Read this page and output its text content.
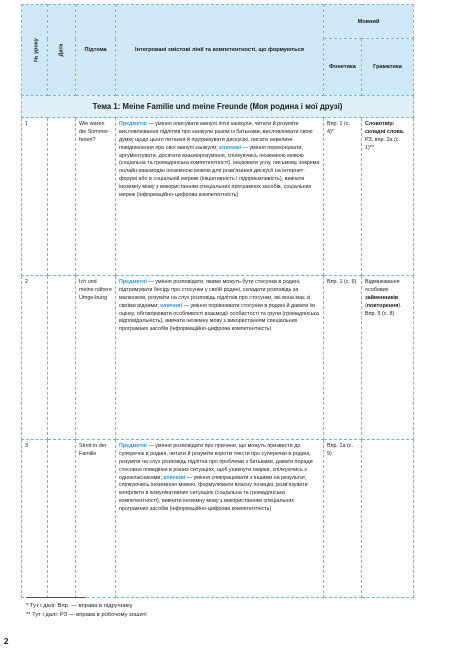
№ уроку	Дата	Підтема	Інтегровані змістові лінії та компетентності, що формуються	Мовний	
				Фонетика	Граматика
Тема 1: Meine Familie und meine Freunde (Моя родина і мої друзі)					
1		Wie waren die Sommer-ferien?	Предметні — уміння описувати минулі літні канікули, читати й розуміти висловлювання підлітків про канікули разом із батьками, висловлювати свою думку щодо цього питання й підтримувати дискусію, писати невелике повідомлення про свої минулі канікули; ключові — уміння переконувати, аргументувати, досягати взаєморозуміння, спілкуючись іноземною мовою (соціальна та громадянська компетентності), ініціювати усну, письмову, зокрема онлайн-взаємодію іноземною мовою для розв'язання дискусії на інтернет-форумі або в соціальній мережі (ініціативність і підприємливість), вивчати іноземну мову з використанням спеціальних програмних засобів, соціальних мереж (інформаційно-цифрова компетентність)	Впр. 1 (с. 4)*	Словотвір: складні слова.
РЗ, впр. 2а (с. 1)**
2		Ich und meine nähere Umge-bung	Предметні — уміння розповідати, якими можуть бути стосунки в родині, підтримувати бесіду про стосунки у своїй родині, складати розповідь за малюнком, розуміти на слух розповідь підлітків про стосунки, які вона має зі своїми рідними; ключові — уміння порівнювати стосунки в родині й давати їм оцінку, обговорювати особливості взаємодії особистості та групи (громадянська відповідальність), вивчати іноземну мову з використанням спеціальних програмних засобів (інформаційно-цифрова компетентність)	Впр. 1 (с. 6)	Відмінювання особових займенників (повторення).
Впр. 5 (с. 8)
3		Streit in der Familie	Предметні — уміння розповідати про причини, що можуть призвести до суперечок в родині, читати й розуміти короткі тексти про суперечки в родині, розуміти на слух розповідь підлітка про проблеми з батьками, давати поради стосовно поведінки в різних ситуаціях, щоб уникнути сварки, спілкуючись з однокласниками; ключові — уміння співпрацювати з іншими на результат, спілкуючись іноземною мовою, формулювати власну позицію, розв'язувати конфлікти в комунікативних ситуаціях (соціальна та громадянська компетентності), вивчати іноземну мову з використанням спеціальних програмних засобів (інформаційно-цифрова компетентність)	Впр. 1а (с. 9)	
* Тут і далі: Впр. — вправа в підручнику
** Тут і далі: РЗ — вправа в робочому зошиті
2
